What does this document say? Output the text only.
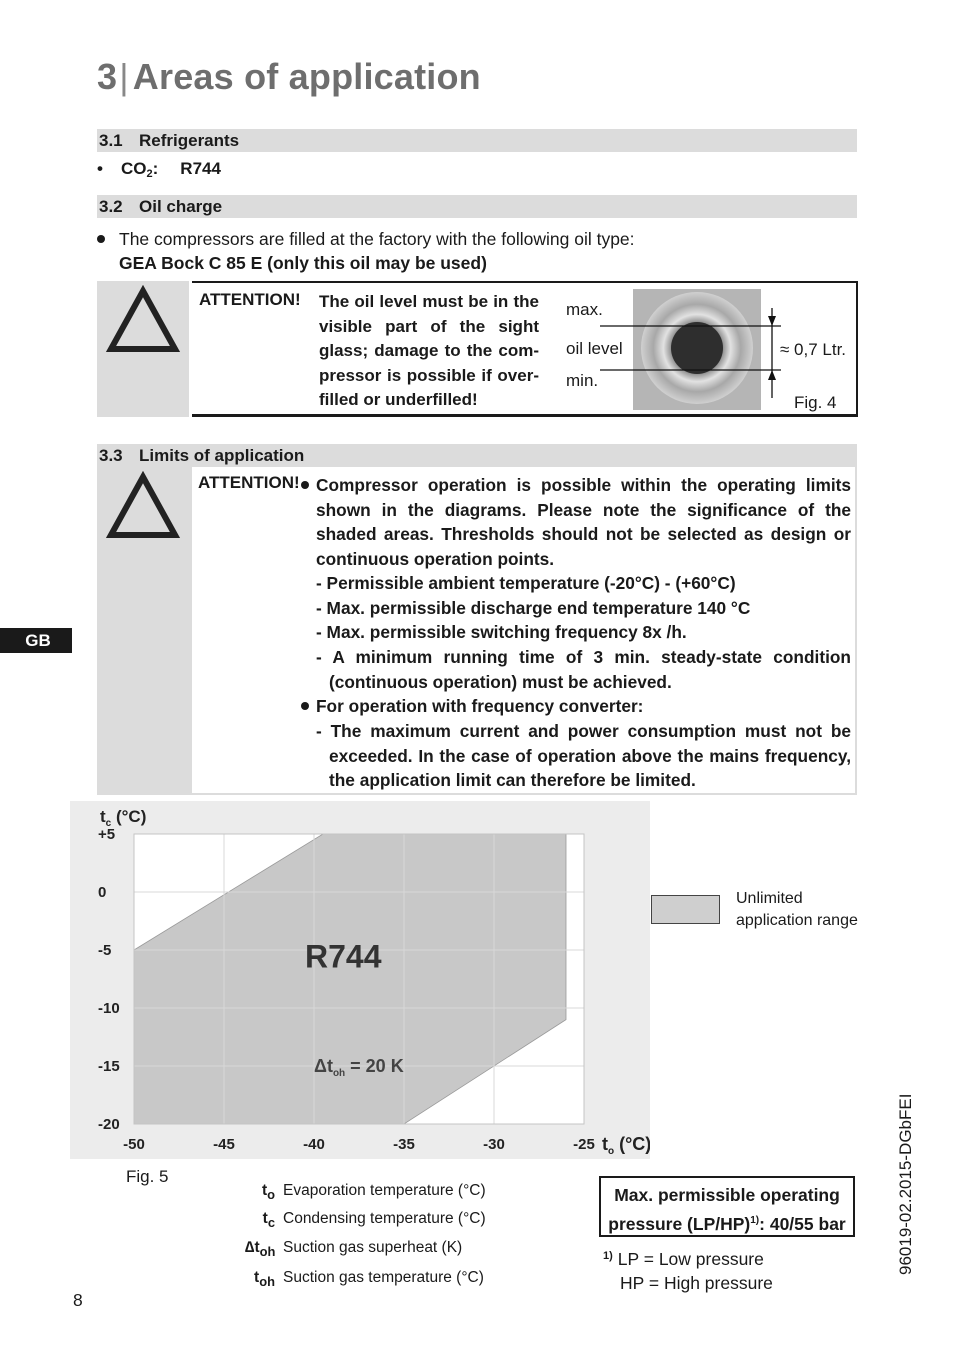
3| Areas of application
3.1 Refrigerants
• $CO_2$: R744
3.2 Oil charge
The compressors are filled at the factory with the following oil type:
GEA Bock C 85 E (only this oil may be used)
ATTENTION! The oil level must be in the visible part of the sight glass; damage to the compressor is possible if overfilled or underfilled!
max.
oil level
min.
≈ 0,7 Ltr.
Fig. 4
3.3 Limits of application
ATTENTION! Compressor operation is possible within the operating limits shown in the diagrams. Please note the significance of the shaded areas. Thresholds should not be selected as design or continuous operation points.
- Permissible ambient temperature (-20°C) - (+60°C)
- Max. permissible discharge end temperature 140 °C
- Max. permissible switching frequency 8x /h.
- A minimum running time of 3 min. steady-state condition (continuous operation) must be achieved.
For operation with frequency converter:
- The maximum current and power consumption must not be exceeded. In the case of operation above the mains frequency, the application limit can therefore be limited.
GB
-50	-45	-40	-35	-30	-25
+5
0
-5
-10
-15
-20
$t_c$ (°C)
$t_o$ (°C)
R744
$\Delta t_{oh} = 20$ K
Unlimited application range
Fig. 5
$t_o$ Evaporation temperature (°C)
$t_c$ Condensing temperature (°C)
$\Delta t_{oh}$ Suction gas superheat (K)
$t_{oh}$ Suction gas temperature (°C)
Max. permissible operating
pressure $(LP/HP)^{1)}$: 40/55 bar
$^{1)}$ LP = Low pressure
HP = High pressure
96019-02.2015-DGbFEI
8
